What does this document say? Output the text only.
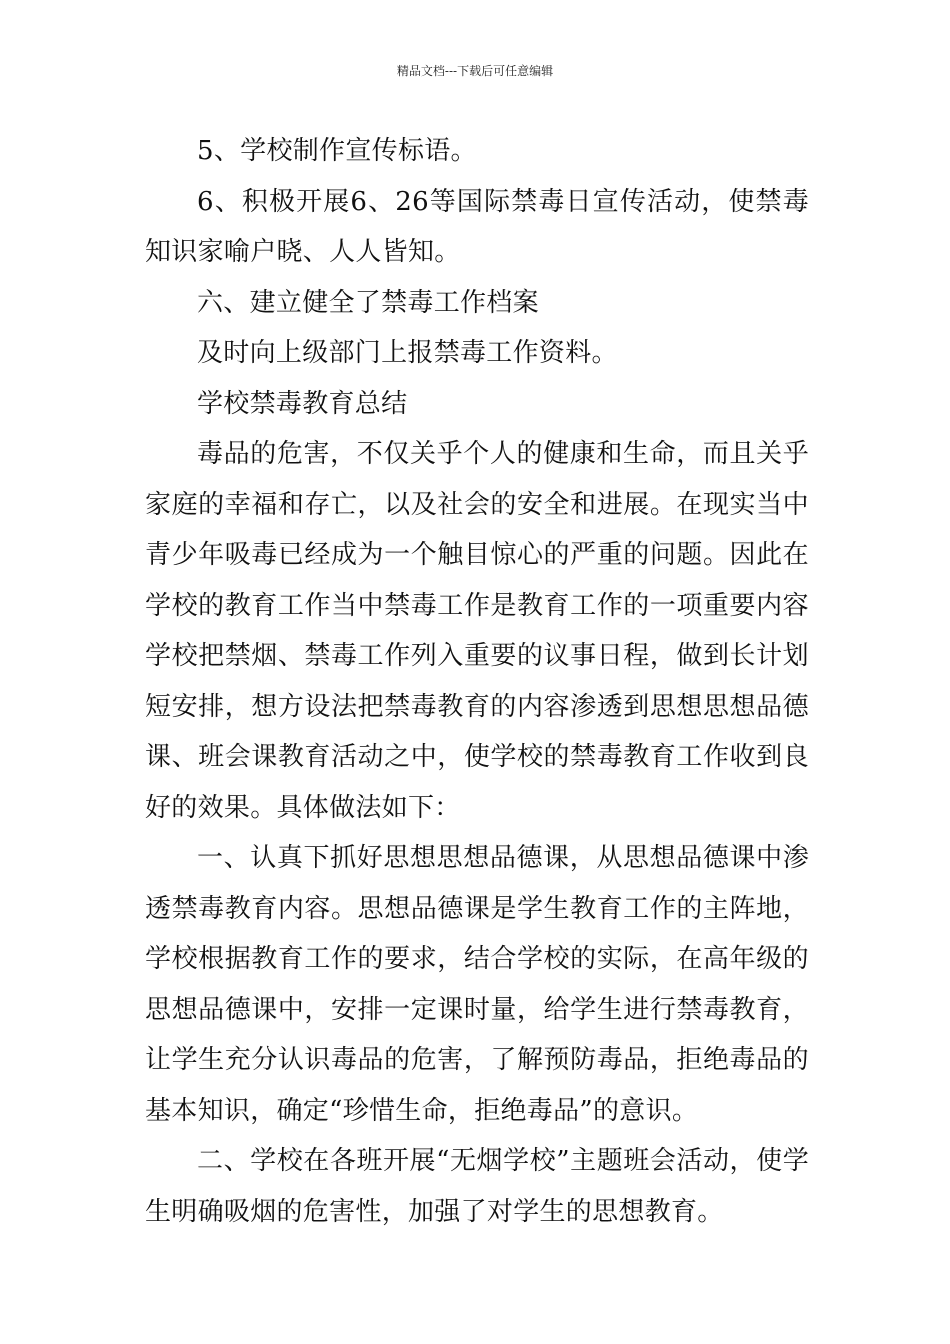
精品文档---下载后可任意编辑

5、学校制作宣传标语。

6、积极开展6、26等国际禁毒日宣传活动，使禁毒知识家喻户晓、人人皆知。

六、建立健全了禁毒工作档案

及时向上级部门上报禁毒工作资料。

学校禁毒教育总结

毒品的危害，不仅关乎个人的健康和生命，而且关乎家庭的幸福和存亡，以及社会的安全和进展。在现实当中青少年吸毒已经成为一个触目惊心的严重的问题。因此在学校的教育工作当中禁毒工作是教育工作的一项重要内容学校把禁烟、禁毒工作列入重要的议事日程，做到长计划短安排，想方设法把禁毒教育的内容渗透到思想思想品德课、班会课教育活动之中，使学校的禁毒教育工作收到良好的效果。具体做法如下：

一、认真下抓好思想思想品德课，从思想品德课中渗透禁毒教育内容。思想品德课是学生教育工作的主阵地，学校根据教育工作的要求，结合学校的实际，在高年级的思想品德课中，安排一定课时量，给学生进行禁毒教育，让学生充分认识毒品的危害，了解预防毒品，拒绝毒品的基本知识，确定“珍惜生命，拒绝毒品”的意识。

二、学校在各班开展“无烟学校”主题班会活动，使学生明确吸烟的危害性，加强了对学生的思想教育。
